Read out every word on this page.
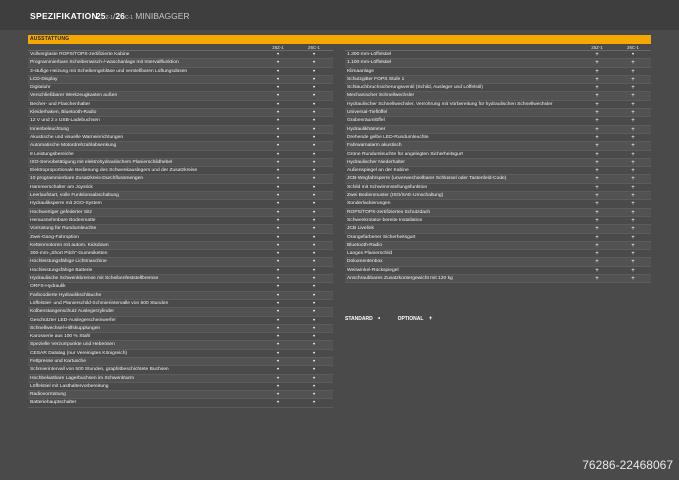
SPEZIFIKATION
25Z-1/26C-1 MINIBAGGER
AUSSTATTUNG
25Z-1	26C-1
Vollverglaste ROPS/TOPS-zertifizierte Kabine	•	•
Programmierbare Scheibenwisch-/-waschanlage mit Intervallfunktion	•	•
3-stufige Heizung mit Scheibengebläse und verstellbaren Lüftungsdüsen	•	•
LCD-Display	•	•
Digitaluhr	•	•
Verschließbarer Werkzeugkasten außen	•	•
Becher- und Flaschenhalter	•	•
Kleiderhaken, Bluetooth-Radio	•	•
12 V und 2 x USB-Ladebuchsen	•	•
Innenbeleuchtung	•	•
Akustische und visuelle Warneinrichtungen	•	•
Automatische Motordrehzahlabsenkung	•	•
8 Leistungsbereiche	•	•
ISO-Servobetätigung mit elektrohydraulischem Planierschildhebel	•	•
Elektroproportionale Bedienung des Schwenkauslegers und der Zusatzkreise	•	•
10 programmierbare Zusatzkreis-Durchflussmengen	•	•
Hammerschalter am Joystick	•	•
Leerlaufstart, volle Funktionsabschaltung	•	•
Hydrauliksperre mit 2GO-System	•	•
Hochwertiger gefederter Sitz	•	•
Herausnehmbare Bodenmatte	•	•
Vorrüstung für Rundumleuchte	•	•
Zwei-Gang-Fahroption	•	•
Kettenmotoren mit autom. Kickdown	•	•
300-mm-„Short Pitch“-Gummiketten	•	•
Hochleistungsfähige Lichtmaschine	•	•
Hochleistungsfähige Batterie	•	•
Hydraulische Schwenkbremse mit Scheibenfeststellbremse	•	•
ORFS-Hydraulik	•	•
Farbcodierte Hydraulikschläuche	•	•
Löffelstiel- und Planierschild-Schmierintervalle von 500 Stunden	•	•
Kolbenstangenschutz Auslegerzylinder	•	•
Geschützter LED-Auslegerscheinwerfer	•	•
Schnellwechsel-Hilfskupplungen	•	•
Karosserie aus 100 % Stahl	•	•
Spezielle Verzurrpunkte und Hebeösen	•	•
CESAR Datatag (nur Vereinigtes Königreich)	•	•
Fettpresse und Kartusche	•	•
Schmierintervall von 500 Stunden, graphitbeschichtete Buchsen	•	•
Hochbelastbare Lagerbuchsen im Schwenkturm	•	•
Löffelstiel mit Lasthaltervorbereitung	•	•
Radiovorrüstung	•	•
Batteriehauptschalter	•	•
25Z-1	26C-1
1.300-mm-Löffelstiel	+	•
1.100-mm-Löffelstiel	+	+
Klimaanlage	+	+
Schutzgitter FOPS Stufe 1	+	+
Schlauchbruchsicherungsventil (Schild, Ausleger und Löffelstil)	+	+
Mechanischer Schnellwechsler	+	+
Hydraulischer Schnellwechsler, Verrohrung mit Vorbereitung für hydraulischen Schnellwechsler	+	+
Universal-Tieflöffel	+	+
Grabenräumlöffel	+	+
Hydraulikhämmer	+	+
Drehende gelbe LED-Rundumleuchte	+	+
Fahrwarnalarm akustisch	+	+
Grüne Rundumleuchte für angelegten Sicherheitsgurt	+	+
Hydraulischer Niederhalter	+	+
Außenspiegel an der Kabine	+	+
JCB-Wegfahrsperre (unverwechselbarer Schlüssel oder Tastenfeld-Code)	+	+
Schild mit Schwimmstellungsfunktion	+	+
Zwei Bedienmuster (ISO/SAE-Umschaltung)	+	+
Sonderlackierungen	+	+
ROPS/TOPS-zertifiziertes Schutzdach	+	+
Schwenkrotator-bereite Installation	+	+
JCB Livelink	+	+
Orangefarbener Sicherheitsgurt	+	+
Bluetooth-Radio	+	+
Langes Planierschild	+	+
Dokumentenbox	+	+
Weitwinkel-Rückspiegel	+	+
Anschraubbares Zusatzkontergewicht mit 120 kg	+	+
STANDARD •	OPTIONAL +
76286-22468067
